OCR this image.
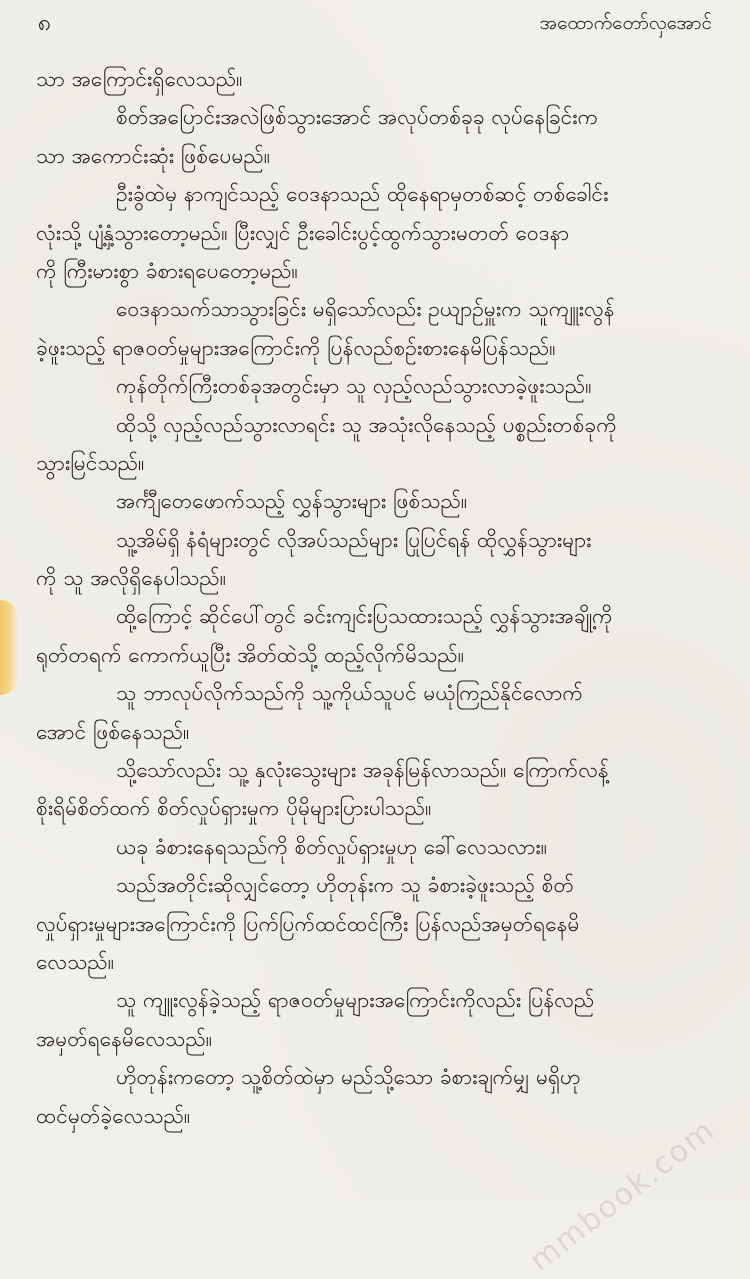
၈	အထောက်တော်လှအောင်
သာ အကြောင်းရှိလေသည်။
စိတ်အပြောင်းအလဲဖြစ်သွားအောင် အလုပ်တစ်ခုခု လုပ်နေခြင်းက
သာ အကောင်းဆုံး ဖြစ်ပေမည်။
ဦးခွံထဲမှ နာကျင်သည့် ဝေဒနာသည် ထိုနေရာမှတစ်ဆင့် တစ်ခေါင်း
လုံးသို့ ပျံ့နှံ့သွားတော့မည်။ ပြီးလျှင် ဦးခေါင်းပွင့်ထွက်သွားမတတ် ဝေဒနာ
ကို ကြီးမားစွာ ခံစားရပေတော့မည်။
ဝေဒနာသက်သာသွားခြင်း မရှိသော်လည်း ဥယျာဉ်မှူးက သူကျူးလွန်
ခဲ့ဖူးသည့် ရာဇဝတ်မှုများအကြောင်းကို ပြန်လည်စဉ်းစားနေမိပြန်သည်။
ကုန်တိုက်ကြီးတစ်ခုအတွင်းမှာ သူ လှည့်လည်သွားလာခဲ့ဖူးသည်။
ထိုသို့ လှည့်လည်သွားလာရင်း သူ အသုံးလိုနေသည့် ပစ္စည်းတစ်ခုကို
သွားမြင်သည်။
အင်္ကျီတေဖောက်သည့် လွှန်သွားများ ဖြစ်သည်။
သူ့အိမ်ရှိ နံရံများတွင် လိုအပ်သည်များ ပြုပြင်ရန် ထိုလွှန်သွားများ
ကို သူ အလိုရှိနေပါသည်။
ထို့ကြောင့် ဆိုင်ပေါ်တွင် ခင်းကျင်းပြသထားသည့် လွှန်သွားအချို့ကို
ရုတ်တရက် ကောက်ယူပြီး အိတ်ထဲသို့ ထည့်လိုက်မိသည်။
သူ ဘာလုပ်လိုက်သည်ကို သူ့ကိုယ်သူပင် မယုံကြည်နိုင်လောက်
အောင် ဖြစ်နေသည်။
သို့သော်လည်း သူ့ နှလုံးသွေးများ အခုန်မြန်လာသည်။ ကြောက်လန့်
စိုးရိမ်စိတ်ထက် စိတ်လှုပ်ရှားမှုက ပိုမိုများပြားပါသည်။
ယခု ခံစားနေရသည်ကို စိတ်လှုပ်ရှားမှုဟု ခေါ်လေသလား။
သည်အတိုင်းဆိုလျှင်တော့ ဟိုတုန်းက သူ ခံစားခဲ့ဖူးသည့် စိတ်
လှုပ်ရှားမှုများအကြောင်းကို ပြက်ပြက်ထင်ထင်ကြီး ပြန်လည်အမှတ်ရနေမိ
လေသည်။
သူ ကျူးလွန်ခဲ့သည့် ရာဇဝတ်မှုများအကြောင်းကိုလည်း ပြန်လည်
အမှတ်ရနေမိလေသည်။
ဟိုတုန်းကတော့ သူ့စိတ်ထဲမှာ မည်သို့သော ခံစားချက်မျှ မရှိဟု
ထင်မှတ်ခဲ့လေသည်။	mmbook.com
